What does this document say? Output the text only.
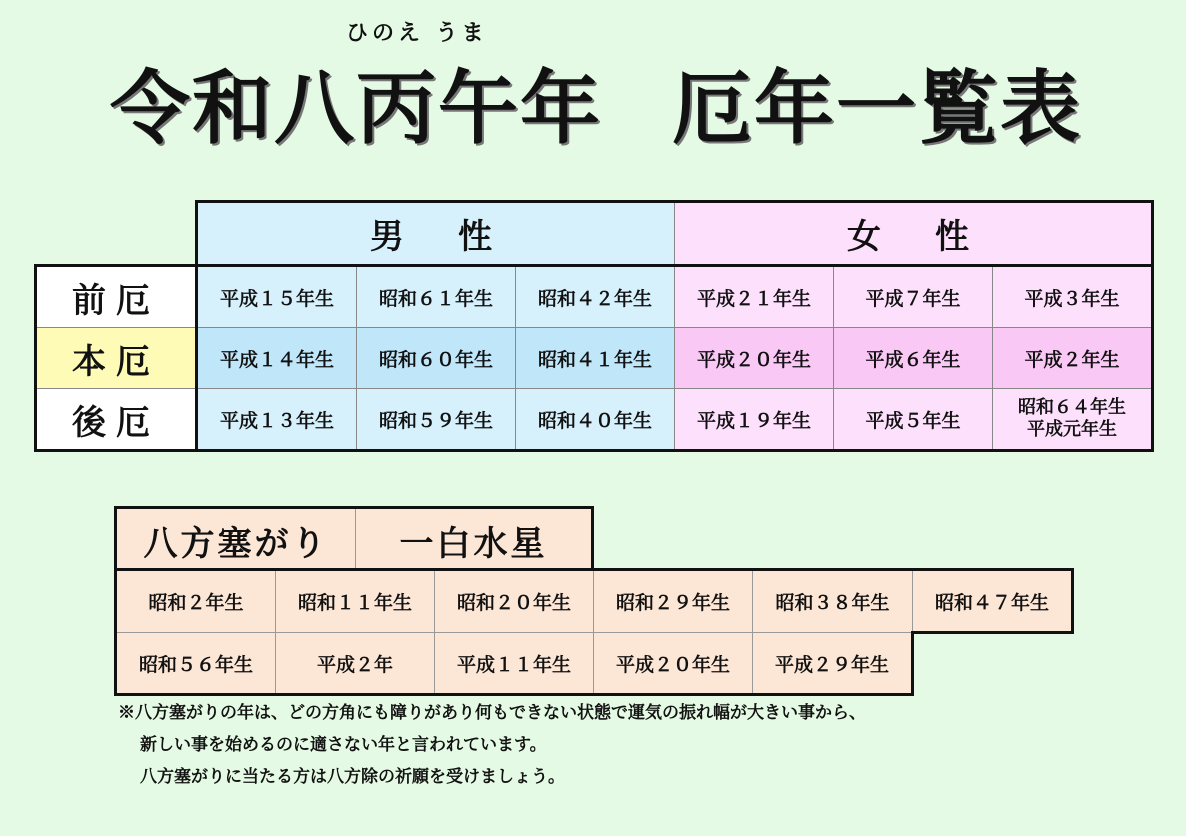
ひのえ うま
令和八丙午年 厄年一覧表
	男　性			女　性		
前厄	平成１５年生	昭和６１年生	昭和４２年生	平成２１年生	平成７年生	平成３年生
本厄	平成１４年生	昭和６０年生	昭和４１年生	平成２０年生	平成６年生	平成２年生
後厄	平成１３年生	昭和５９年生	昭和４０年生	平成１９年生	平成５年生	昭和６４年生
平成元年生
八方塞がり	一白水星
昭和２年生	昭和１１年生	昭和２０年生	昭和２９年生	昭和３８年生	昭和４７年生
昭和５６年生	平成２年	平成１１年生	平成２０年生	平成２９年生	
※八方塞がりの年は、どの方角にも障りがあり何もできない状態で運気の振れ幅が大きい事から、
新しい事を始めるのに適さない年と言われています。
八方塞がりに当たる方は八方除の祈願を受けましょう。
